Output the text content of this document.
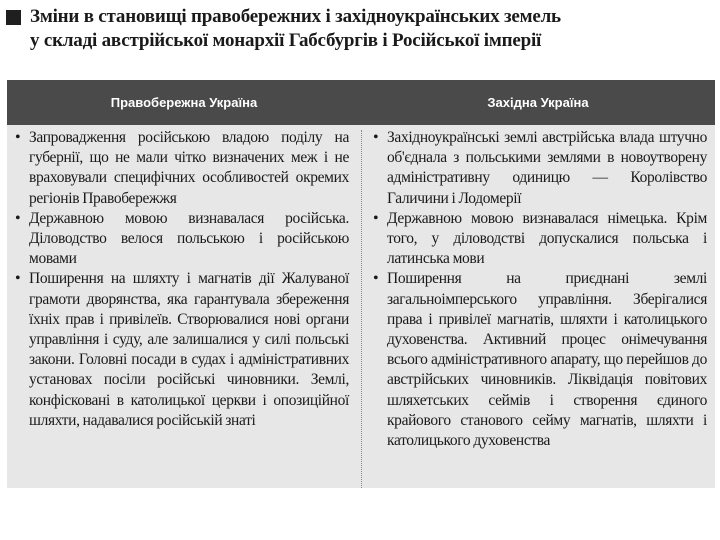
Зміни в становищі правобережних і західноукраїнських земель
у складі австрійської монархії Габсбургів і Російської імперії
Правобережна Україна	Західна Україна
• Запровадження російською владою поділу на губернії, що не мали чітко визначених меж і не враховували специфічних особливостей окремих регіонів Правобережжя
• Державною мовою визнавалася російська. Діловодство велося польською і російською мовами
• Поширення на шляхту і магнатів дії Жалуваної грамоти дворянства, яка гарантувала збереження їхніх прав і привілеїв. Створювалися нові органи управління і суду, але залишалися у силі польські закони. Головні посади в судах і адміністративних установах посіли російські чиновники. Землі, конфіскованi в католицької церкви і опозиційної шляхти, надавалися російській знаті
• Західноукраїнські землі австрійська влада штучно об'єднала з польськими землями в новоутворену адміністративну одиницю — Королівство Галичини і Лодомерії
• Державною мовою визнавалася німецька. Крім того, у діловодстві допускалися польська і латинська мови
• Поширення на приєднані землі загальноімперського управління. Зберігалися права і привілеї магнатів, шляхти і католицького духовенства. Активний процес онімечування всього адміністративного апарату, що перейшов до австрійських чиновників. Ліквідація повітових шляхетських сеймів і створення єдиного крайового станового сейму магнатів, шляхти і католицького духовенства
